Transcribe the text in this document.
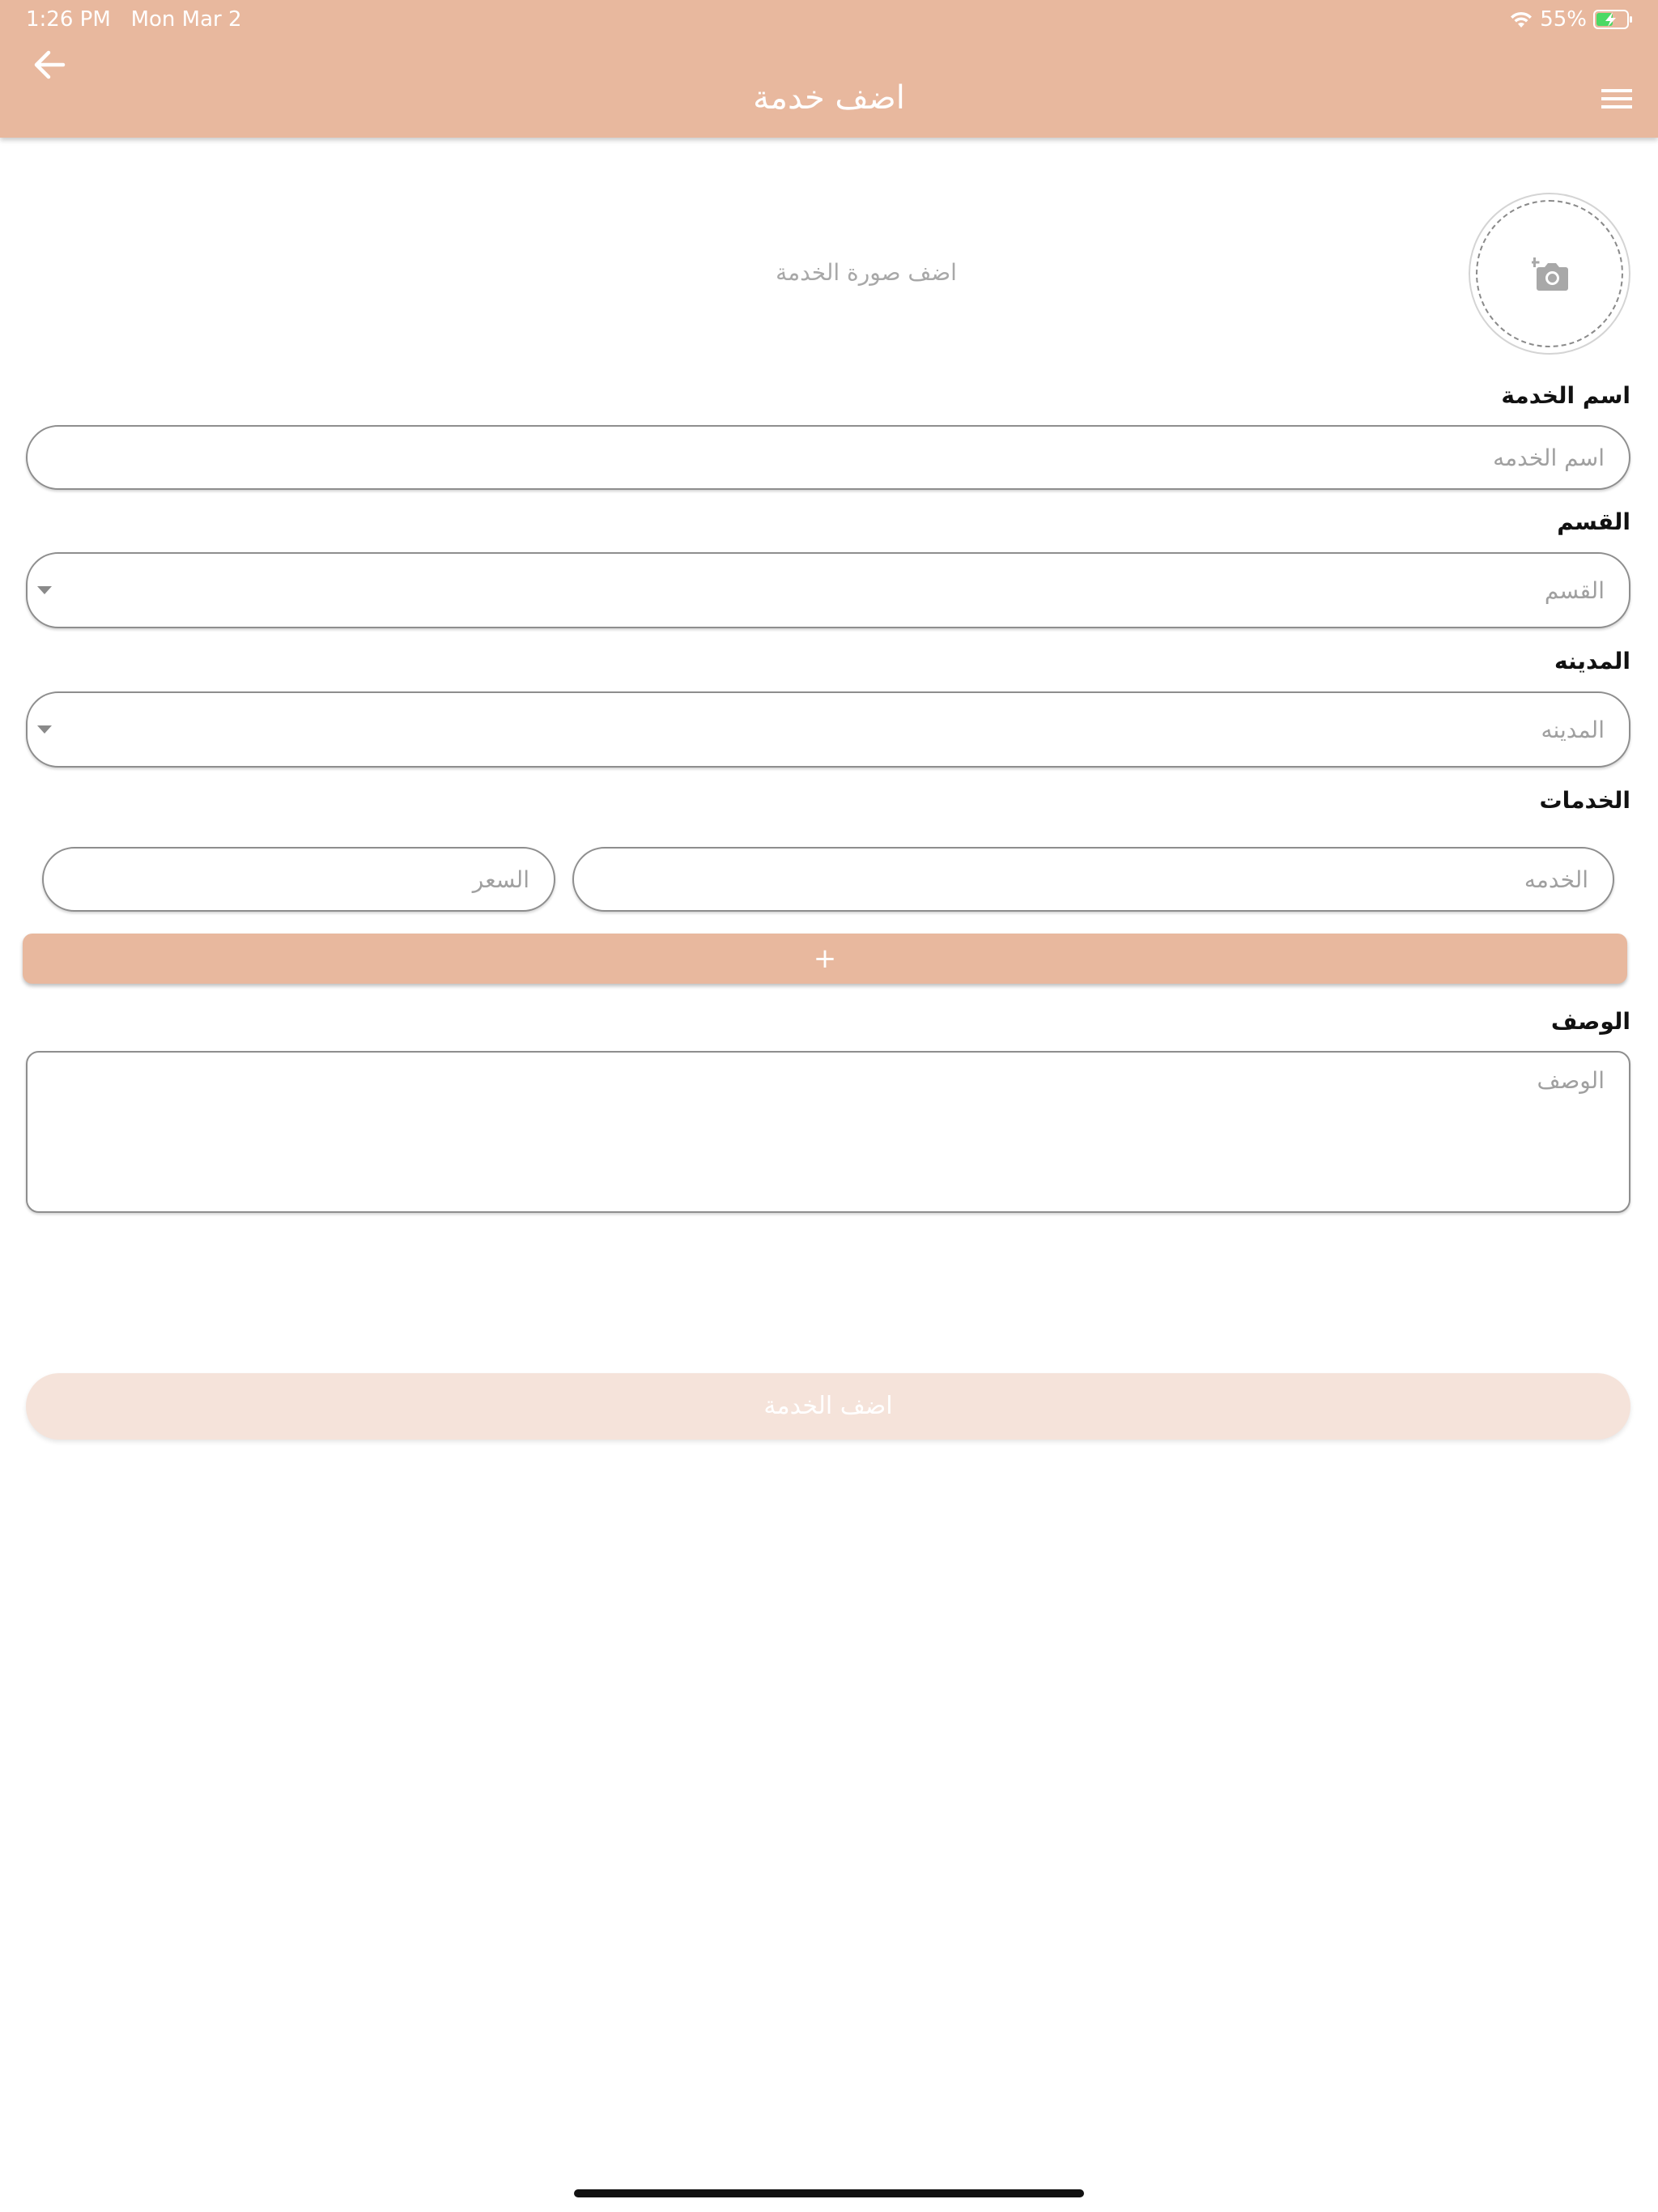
1:26 PM Mon Mar 2	55%
اضف خدمة
اضف صورة الخدمة
اسم الخدمة
اسم الخدمه
القسم
القسم
المدينه
المدينه
الخدمات
الخدمه
السعر
+
الوصف
الوصف
اضف الخدمة
